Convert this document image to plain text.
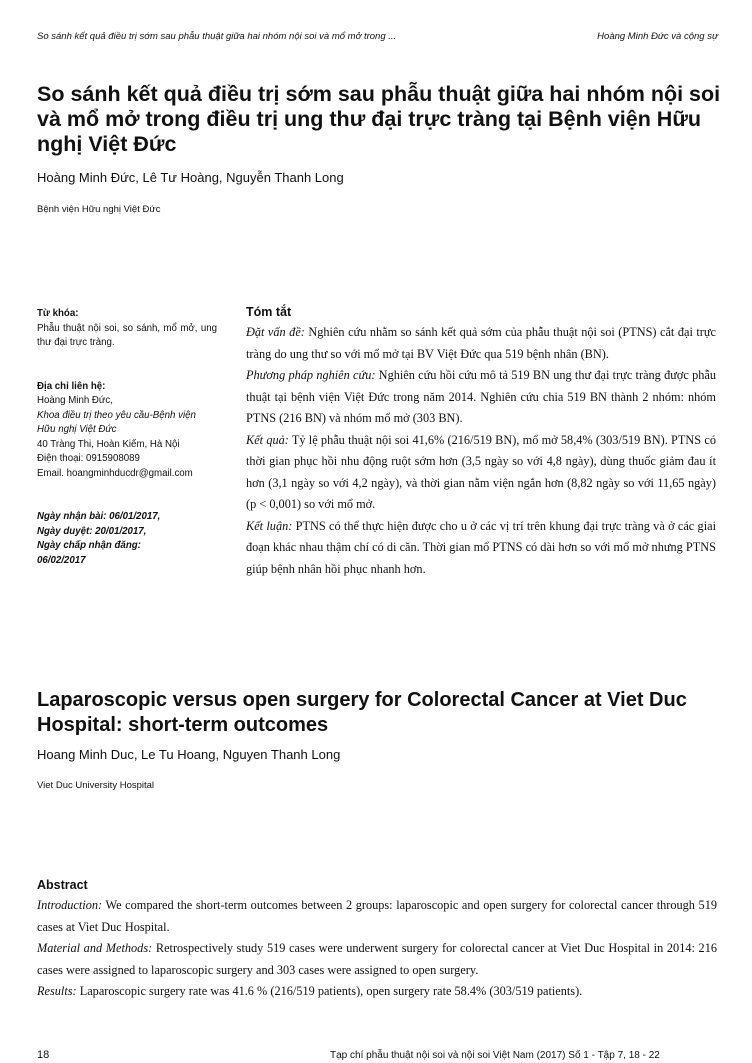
So sánh kết quả điều trị sớm sau phẫu thuật giữa hai nhóm nội soi và mổ mở trong ...	Hoàng Minh Đức và cộng sự
So sánh kết quả điều trị sớm sau phẫu thuật giữa hai nhóm nội soi và mổ mở trong điều trị ung thư đại trực tràng tại Bệnh viện Hữu nghị Việt Đức
Hoàng Minh Đức, Lê Tư Hoàng, Nguyễn Thanh Long
Bệnh viện Hữu nghị Việt Đức

Từ khóa:

Phẫu thuật nội soi, so sánh, mổ mở, ung thư đại trực tràng.

Địa chỉ liên hệ:

Hoàng Minh Đức,

Khoa điều trị theo yêu cầu-Bệnh viện Hữu nghị Việt Đức

40 Tràng Thi, Hoàn Kiếm, Hà Nội

Điện thoại: 0915908089

Email. hoangminhducdr@gmail.com

Ngày nhận bài: 06/01/2017,

Ngày duyệt: 20/01/2017,

Ngày chấp nhận đăng:

06/02/2017

Tóm tắt

Đặt vấn đề: Nghiên cứu nhằm so sánh kết quả sớm của phẫu thuật nội soi (PTNS) cắt đại trực tràng do ung thư so với mổ mở tại BV Việt Đức qua 519 bệnh nhân (BN).

Phương pháp nghiên cứu: Nghiên cứu hồi cứu mô tả 519 BN ung thư đại trực tràng được phẫu thuật tại bệnh viện Việt Đức trong năm 2014. Nghiên cứu chia 519 BN thành 2 nhóm: nhóm PTNS (216 BN) và nhóm mổ mở (303 BN).

Kết quả: Tỷ lệ phẫu thuật nội soi 41,6% (216/519 BN), mổ mở 58,4% (303/519 BN). PTNS có thời gian phục hồi nhu động ruột sớm hơn (3,5 ngày so với 4,8 ngày), dùng thuốc giảm đau ít hơn (3,1 ngày so với 4,2 ngày), và thời gian nằm viện ngắn hơn (8,82 ngày so với 11,65 ngày) (p < 0,001) so với mổ mở.

Kết luận: PTNS có thể thực hiện được cho u ở các vị trí trên khung đại trực tràng và ở các giai đoạn khác nhau thậm chí có di căn. Thời gian mổ PTNS có dài hơn so với mổ mở nhưng PTNS giúp bệnh nhân hồi phục nhanh hơn.

Laparoscopic versus open surgery for Colorectal Cancer at Viet Duc Hospital: short-term outcomes
Hoang Minh Duc, Le Tu Hoang, Nguyen Thanh Long
Viet Duc University Hospital
Abstract

Introduction: We compared the short-term outcomes between 2 groups: laparoscopic and open surgery for colorectal cancer through 519 cases at Viet Duc Hospital.

Material and Methods: Retrospectively study 519 cases were underwent surgery for colorectal cancer at Viet Duc Hospital in 2014: 216 cases were assigned to laparoscopic surgery and 303 cases were assigned to open surgery.

Results: Laparoscopic surgery rate was 41.6 % (216/519 patients), open surgery rate 58.4% (303/519 patients).

18	Tạp chí phẫu thuật nội soi và nội soi Việt Nam (2017) Số 1 - Tập 7, 18 - 22
